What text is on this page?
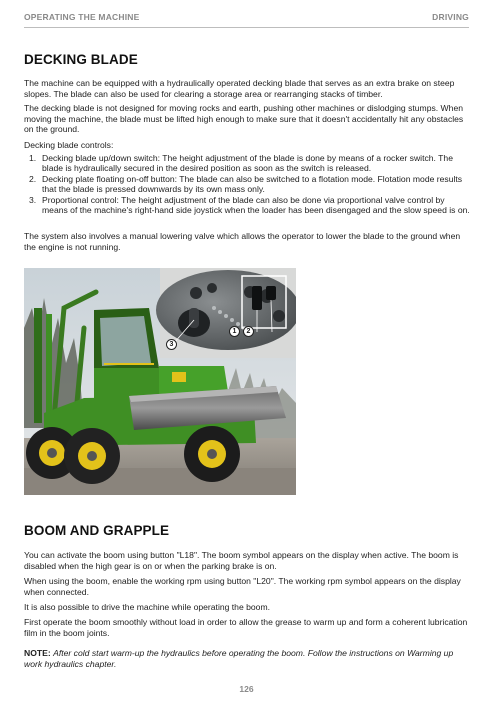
OPERATING THE MACHINE	DRIVING
DECKING BLADE
The machine can be equipped with a hydraulically operated decking blade that serves as an extra brake on steep slopes. The blade can also be used for clearing a storage area or rearranging stacks of timber.
The decking blade is not designed for moving rocks and earth, pushing other machines or dislodging stumps. When moving the machine, the blade must be lifted high enough to make sure that it doesn't accidentally hit any obstacles on the ground.
Decking blade controls:
1. Decking blade up/down switch: The height adjustment of the blade is done by means of a rocker switch. The blade is hydraulically secured in the desired position as soon as the switch is released.
2. Decking plate floating on-off button: The blade can also be switched to a flotation mode. Flotation mode results that the blade is pressed downwards by its own mass only.
3. Proportional control: The height adjustment of the blade can also be done via proportional valve control by means of the machine's right-hand side joystick when the loader has been disengaged and the slow speed is on.
The system also involves a manual lowering valve which allows the operator to lower the blade to the ground when the engine is not running.
1	2
3
BOOM AND GRAPPLE
You can activate the boom using button "L18". The boom symbol appears on the display when active. The boom is disabled when the high gear is on or when the parking brake is on.
When using the boom, enable the working rpm using button "L20". The working rpm symbol appears on the display when connected.
It is also possible to drive the machine while operating the boom.
First operate the boom smoothly without load in order to allow the grease to warm up and form a coherent lubrication film in the boom joints.
NOTE: After cold start warm-up the hydraulics before operating the boom. Follow the instructions on Warming up work hydraulics chapter.
126
